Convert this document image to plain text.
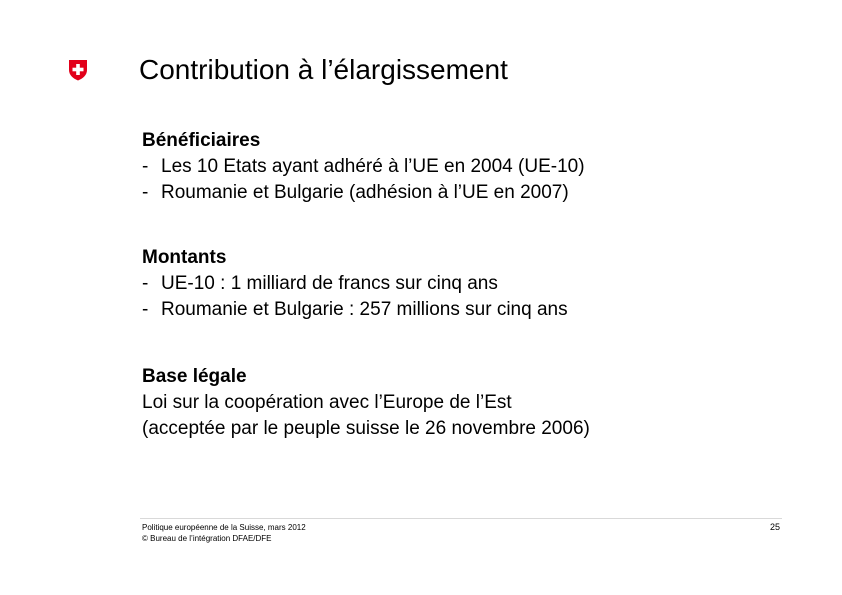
Contribution à l’élargissement
Bénéficiaires
- Les 10 Etats ayant adhéré à l’UE en 2004 (UE-10)
- Roumanie et Bulgarie (adhésion à l’UE en 2007)
Montants
- UE-10 : 1 milliard de francs sur cinq ans
- Roumanie et Bulgarie : 257 millions sur cinq ans
Base légale
Loi sur la coopération avec l’Europe de l’Est
(acceptée par le peuple suisse le 26 novembre 2006)
Politique européenne de la Suisse, mars 2012
© Bureau de l’intégration DFAE/DFE
25
